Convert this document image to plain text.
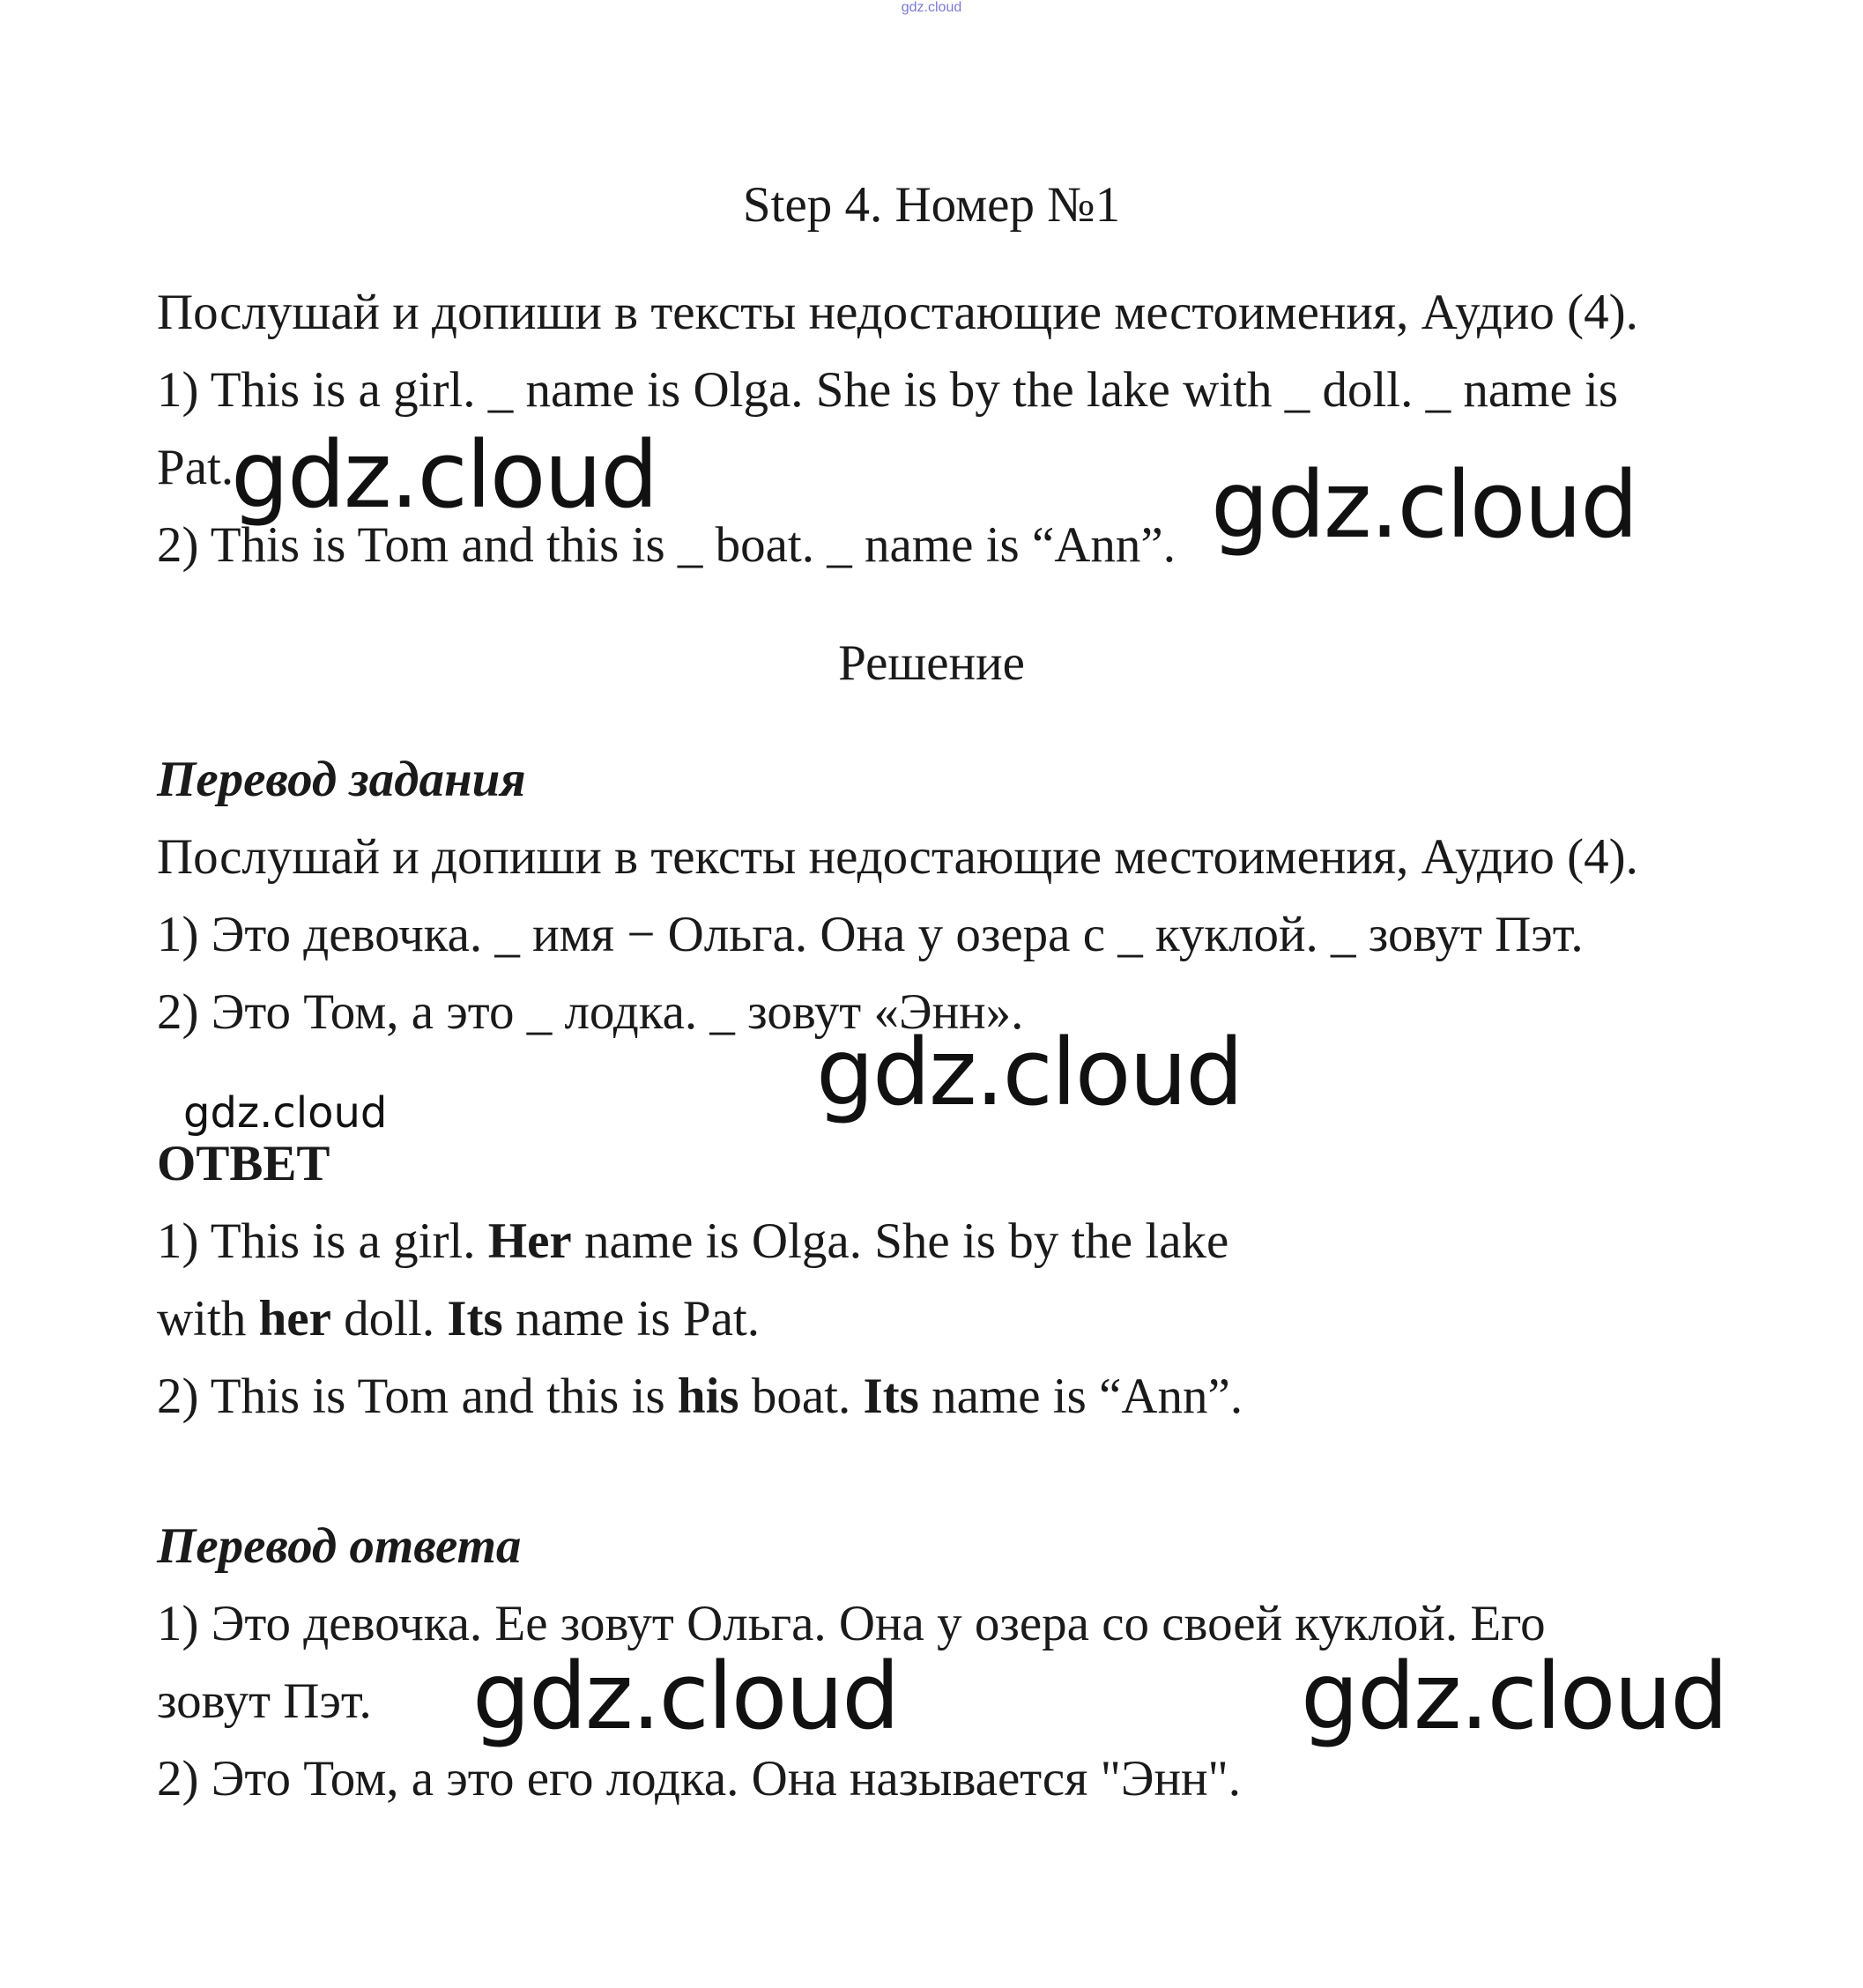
gdz.cloud
Step 4. Номер №1
Послушай и допиши в тексты недостающие местоимения, Аудио (4).
1) This is a girl. _ name is Olga. She is by the lake with _ doll. _ name is
Pat.
2) This is Tom and this is _ boat. _ name is “Ann”.
Решение
Перевод задания
Послушай и допиши в тексты недостающие местоимения, Аудио (4).
1) Это девочка. _ имя − Ольга. Она у озера с _ куклой. _ зовут Пэт.
2) Это Том, а это _ лодка. _ зовут «Энн».
ОТВЕТ
1) This is a girl. Her name is Olga. She is by the lake
with her doll. Its name is Pat.
2) This is Tom and this is his boat. Its name is “Ann”.
Перевод ответа
1) Это девочка. Ее зовут Ольга. Она у озера со своей куклой. Его
зовут Пэт.
2) Это Том, а это его лодка. Она называется "Энн".
gdz.cloud	gdz.cloud
gdz.cloud
gdz.cloud
gdz.cloud	gdz.cloud
